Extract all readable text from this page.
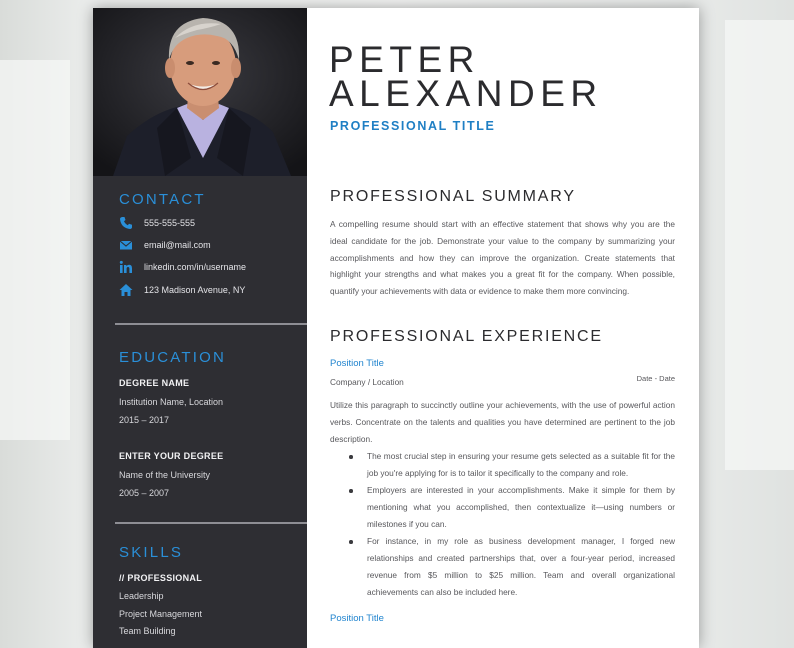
CONTACT
555-555-555
email@mail.com
linkedin.com/in/username
123 Madison Avenue, NY
EDUCATION
DEGREE NAME
Institution Name, Location
2015 – 2017
ENTER YOUR DEGREE
Name of the University
2005 – 2007
SKILLS
// PROFESSIONAL
Leadership
Project Management
Team Building
PETER
ALEXANDER
PROFESSIONAL TITLE
PROFESSIONAL SUMMARY
A compelling resume should start with an effective statement that shows why you are the ideal candidate for the job. Demonstrate your value to the company by summarizing your accomplishments and how they can improve the organization. Create statements that highlight your strengths and what makes you a great fit for the company. When possible, quantify your achievements with data or evidence to make them more convincing.
PROFESSIONAL EXPERIENCE
Position Title
Company / Location	Date - Date
Utilize this paragraph to succinctly outline your achievements, with the use of powerful action verbs. Concentrate on the talents and qualities you have determined are pertinent to the job description.
The most crucial step in ensuring your resume gets selected as a suitable fit for the job you're applying for is to tailor it specifically to the company and role.
Employers are interested in your accomplishments. Make it simple for them by mentioning what you accomplished, then contextualize it—using numbers or milestones if you can.
For instance, in my role as business development manager, I forged new relationships and created partnerships that, over a four-year period, increased revenue from $5 million to $25 million. Team and overall organizational achievements can also be included here.
Position Title
